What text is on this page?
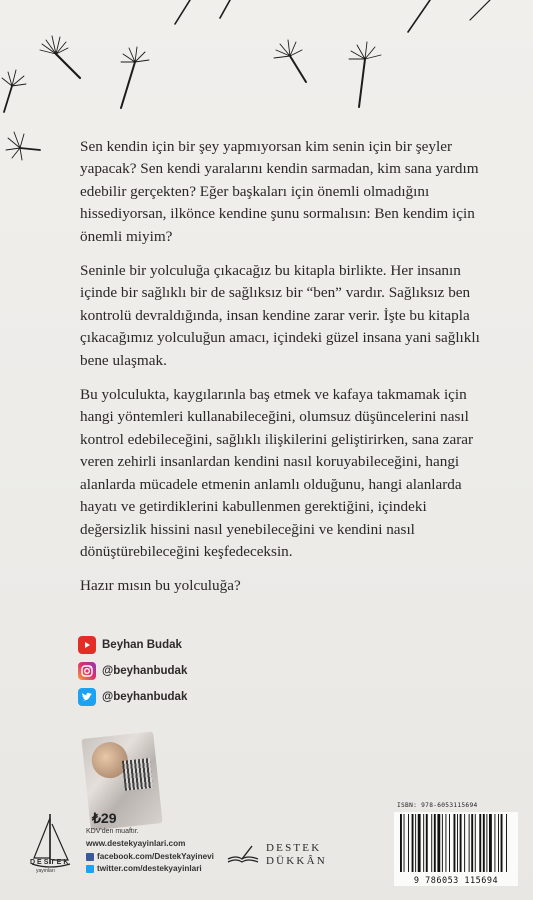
Sen kendin için bir şey yapmıyorsan kim senin için bir şeyler yapacak? Sen kendi yaralarını kendin sarmadan, kim sana yardım edebilir gerçekten? Eğer başkaları için önemli olmadığını hissediyorsan, ilkönce kendine şunu sormalısın: Ben kendim için önemli miyim?

Seninle bir yolculuğa çıkacağız bu kitapla birlikte. Her insanın içinde bir sağlıklı bir de sağlıksız bir “ben” vardır. Sağlıksız ben kontrolü devraldığında, insan kendine zarar verir. İşte bu kitapla çıkacağımız yolculuğun amacı, içindeki güzel insana yani sağlıklı bene ulaşmak.

Bu yolculukta, kaygılarınla baş etmek ve kafaya takmamak için hangi yöntemleri kullanabileceğini, olumsuz düşüncelerini nasıl kontrol edebileceğini, sağlıklı ilişkilerini geliştirirken, sana zarar veren zehirli insanlardan kendini nasıl koruyabileceğini, hangi alanlarda mücadele etmenin anlamlı olduğunu, hangi alanlarda hayatı ve getirdiklerini kabullenmen gerektiğini, içindeki değersizlik hissini nasıl yenebileceğini ve kendini nasıl dönüştürebileceğini keşfedeceksin.

Hazır mısın bu yolculuğa?

Beyhan Budak
@beyhanbudak
@beyhanbudak
DESTEK
yayınları
₺29
KDV'den muaftır.
www.destekyayinlari.com
facebook.com/DestekYayinevi
twitter.com/destekyayinlari
DESTEK
DÜKKÂN
ISBN: 978-6053115694
9 786053 115694
